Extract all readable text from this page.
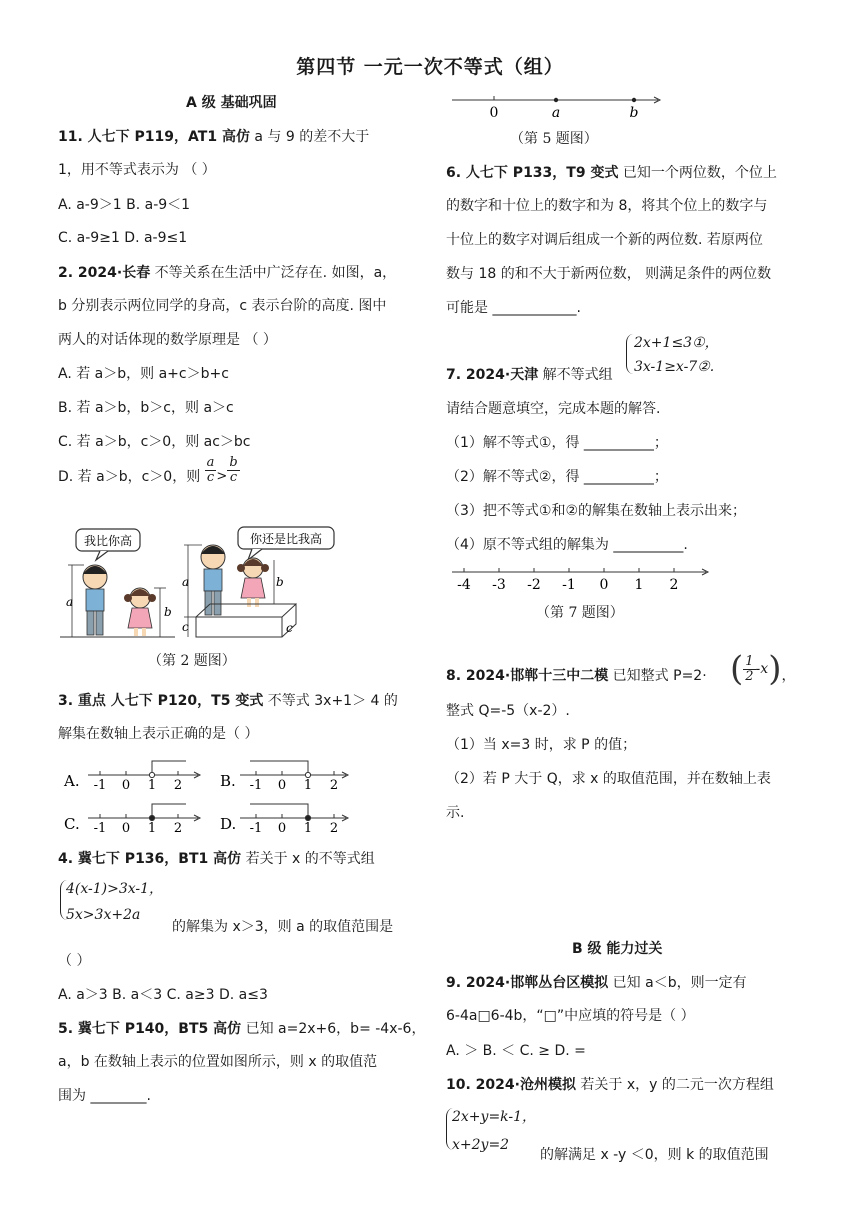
第四节 一元一次不等式（组）
A 级 基础巩固
11. 人七下 P119，AT1 高仿 a 与 9 的差不大于
1，用不等式表示为 （ ）
A. a-9＞1 B. a-9＜1
C. a-9≥1 D. a-9≤1
2. 2024·长春 不等关系在生活中广泛存在. 如图，a，
b 分别表示两位同学的身高，c 表示台阶的高度. 图中
两人的对话体现的数学原理是 （ ）
A. 若 a＞b，则 a+c＞b+c
B. 若 a＞b，b＞c，则 a＞c
C. 若 a＞b，c＞0，则 ac＞bc
D. 若 a＞b，c＞0，则 $\frac{a}{c} > \frac{b}{c}$
我比你高
a
b
你还是比我高
a
c
b
c
（第 2 题图）
3. 重点 人七下 P120，T5 变式 不等式 3x+1＞ 4 的
解集在数轴上表示正确的是（ ）
A. -1 0 1 2	B. -1 0 1 2
C. -1 0 1 2	D. -1 0 1 2
4. 冀七下 P136，BT1 高仿 若关于 x 的不等式组
4(x-1)>3x-1，
5x>3x+2a
的解集为 x＞3，则 a 的取值范围是
（ ）
A. a＞3 B. a＜3 C. a≥3 D. a≤3
5. 冀七下 P140，BT5 高仿 已知 a=2x+6，b= -4x-6，
a，b 在数轴上表示的位置如图所示，则 x 的取值范
围为 ________.
0	a	b
（第 5 题图）
6. 人七下 P133，T9 变式 已知一个两位数，个位上
的数字和十位上的数字和为 8，将其个位上的数字与
十位上的数字对调后组成一个新的两位数. 若原两位
数与 18 的和不大于新两位数， 则满足条件的两位数
可能是 ____________.
7. 2024·天津 解不等式组
2x+1≤3①，
3x-1≥x-7②.
请结合题意填空，完成本题的解答.
（1）解不等式①，得 __________；
（2）解不等式②，得 __________；
（3）把不等式①和②的解集在数轴上表示出来；
（4）原不等式组的解集为 __________.
-4 -3 -2 -1 0 1 2
（第 7 题图）
8. 2024·邯郸十三中二模 已知整式 P=2· ( $\frac{1}{2} -x$ ) ，
整式 Q=-5（x-2）.
（1）当 x=3 时，求 P 的值；
（2）若 P 大于 Q，求 x 的取值范围，并在数轴上表
示.
B 级 能力过关
9. 2024·邯郸丛台区模拟 已知 a＜b，则一定有
6-4a□6-4b，“□”中应填的符号是（ ）
A. ＞ B. ＜ C. ≥ D. =
10. 2024·沧州模拟 若关于 x，y 的二元一次方程组
2x+y=k-1，
x+2y=2
的解满足 x -y ＜0，则 k 的取值范围
